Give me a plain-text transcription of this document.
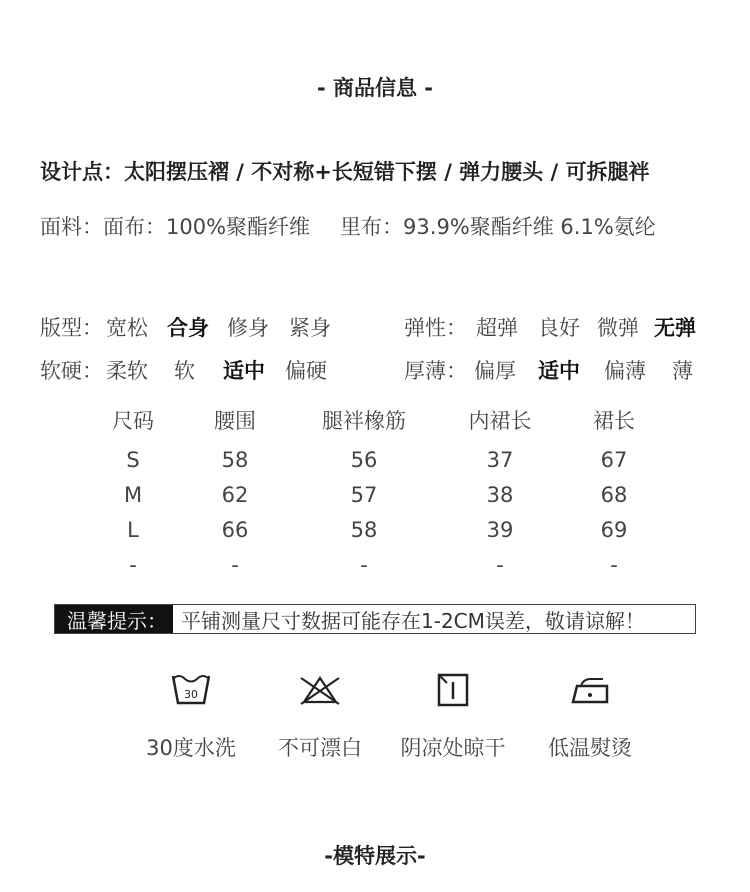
- 商品信息 -
设计点：太阳摆压褶 / 不对称+长短错下摆 / 弹力腰头 / 可拆腿袢
面料：面布：100%聚酯纤维 里布：93.9%聚酯纤维 6.1%氨纶
版型： 宽松 合身 修身 紧身	弹性： 超弹 良好 微弹 无弹
软硬： 柔软 软 适中 偏硬	厚薄： 偏厚 适中 偏薄 薄
尺码	腰围	腿袢橡筋	内裙长	裙长
S	58	56	37	67
M	62	57	38	68
L	66	58	39	69
-	-	-	-	-
温馨提示： 平铺测量尺寸数据可能存在1-2CM误差，敬请谅解！
30
30度水洗	不可漂白	阴凉处晾干	低温熨烫
-模特展示-
